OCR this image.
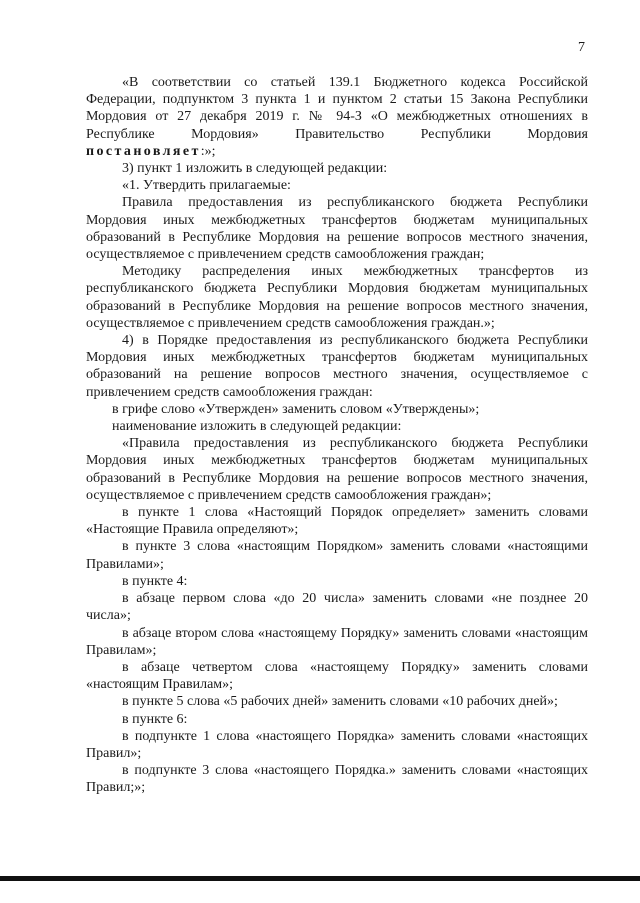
7

«В соответствии со статьей 139.1 Бюджетного кодекса Российской Федерации, подпунктом 3 пункта 1 и пунктом 2 статьи 15 Закона Республики Мордовия от 27 декабря 2019 г. № 94-З «О межбюджетных отношениях в Республике Мордовия» Правительство Республики Мордовия постановляет:»;

3) пункт 1 изложить в следующей редакции:

«1. Утвердить прилагаемые:

Правила предоставления из республиканского бюджета Республики Мордовия иных межбюджетных трансфертов бюджетам муниципальных образований в Республике Мордовия на решение вопросов местного значения, осуществляемое с привлечением средств самообложения граждан;

Методику распределения иных межбюджетных трансфертов из республиканского бюджета Республики Мордовия бюджетам муниципальных образований в Республике Мордовия на решение вопросов местного значения, осуществляемое с привлечением средств самообложения граждан.»;

4) в Порядке предоставления из республиканского бюджета Республики Мордовия иных межбюджетных трансфертов бюджетам муниципальных образований на решение вопросов местного значения, осуществляемое с привлечением средств самообложения граждан:

в грифе слово «Утвержден» заменить словом «Утверждены»;

наименование изложить в следующей редакции:

«Правила предоставления из республиканского бюджета Республики Мордовия иных межбюджетных трансфертов бюджетам муниципальных образований в Республике Мордовия на решение вопросов местного значения, осуществляемое с привлечением средств самообложения граждан»;

в пункте 1 слова «Настоящий Порядок определяет» заменить словами «Настоящие Правила определяют»;

в пункте 3 слова «настоящим Порядком» заменить словами «настоящими Правилами»;

в пункте 4:

в абзаце первом слова «до 20 числа» заменить словами «не позднее 20 числа»;

в абзаце втором слова «настоящему Порядку» заменить словами «настоящим Правилам»;

в абзаце четвертом слова «настоящему Порядку» заменить словами «настоящим Правилам»;

в пункте 5 слова «5 рабочих дней» заменить словами «10 рабочих дней»;

в пункте 6:

в подпункте 1 слова «настоящего Порядка» заменить словами «настоящих Правил»;

в подпункте 3 слова «настоящего Порядка.» заменить словами «настоящих Правил;»;
